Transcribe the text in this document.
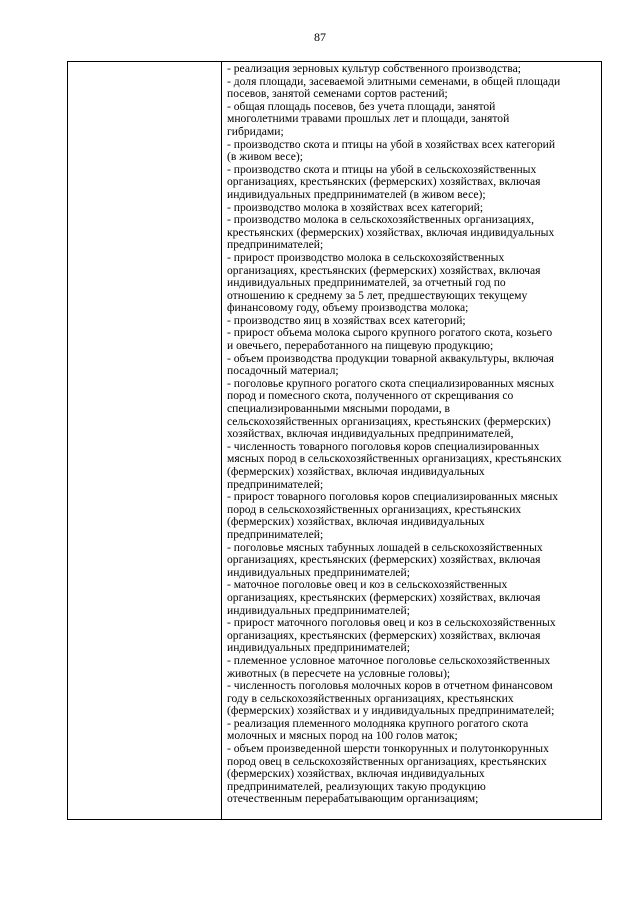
87
- реализация зерновых культур собственного производства;
- доля площади, засеваемой элитными семенами, в общей площади
посевов, занятой семенами сортов растений;
- общая площадь посевов, без учета площади, занятой
многолетними травами прошлых лет и площади, занятой
гибридами;
- производство скота и птицы на убой в хозяйствах всех категорий
(в живом весе);
- производство скота и птицы на убой в сельскохозяйственных
организациях, крестьянских (фермерских) хозяйствах, включая
индивидуальных предпринимателей (в живом весе);
- производство молока в хозяйствах всех категорий;
- производство молока в сельскохозяйственных организациях,
крестьянских (фермерских) хозяйствах, включая индивидуальных
предпринимателей;
- прирост производство молока в сельскохозяйственных
организациях, крестьянских (фермерских) хозяйствах, включая
индивидуальных предпринимателей, за отчетный год по
отношению к среднему за 5 лет, предшествующих текущему
финансовому году, объему производства молока;
- производство яиц в хозяйствах всех категорий;
- прирост объема молока сырого крупного рогатого скота, козьего
и овечьего, переработанного на пищевую продукцию;
- объем производства продукции товарной аквакультуры, включая
посадочный материал;
- поголовье крупного рогатого скота специализированных мясных
пород и помесного скота, полученного от скрещивания со
специализированными мясными породами, в
сельскохозяйственных организациях, крестьянских (фермерских)
хозяйствах, включая индивидуальных предпринимателей,
- численность товарного поголовья коров специализированных
мясных пород в сельскохозяйственных организациях, крестьянских
(фермерских) хозяйствах, включая индивидуальных
предпринимателей;
- прирост товарного поголовья коров специализированных мясных
пород в сельскохозяйственных организациях, крестьянских
(фермерских) хозяйствах, включая индивидуальных
предпринимателей;
- поголовье мясных табунных лошадей в сельскохозяйственных
организациях, крестьянских (фермерских) хозяйствах, включая
индивидуальных предпринимателей;
- маточное поголовье овец и коз в сельскохозяйственных
организациях, крестьянских (фермерских) хозяйствах, включая
индивидуальных предпринимателей;
- прирост маточного поголовья овец и коз в сельскохозяйственных
организациях, крестьянских (фермерских) хозяйствах, включая
индивидуальных предпринимателей;
- племенное условное маточное поголовье сельскохозяйственных
животных (в пересчете на условные головы);
- численность поголовья молочных коров в отчетном финансовом
году в сельскохозяйственных организациях, крестьянских
(фермерских) хозяйствах и у индивидуальных предпринимателей;
- реализация племенного молодняка крупного рогатого скота
молочных и мясных пород на 100 голов маток;
- объем произведенной шерсти тонкорунных и полутонкорунных
пород овец в сельскохозяйственных организациях, крестьянских
(фермерских) хозяйствах, включая индивидуальных
предпринимателей, реализующих такую продукцию
отечественным перерабатывающим организациям;
